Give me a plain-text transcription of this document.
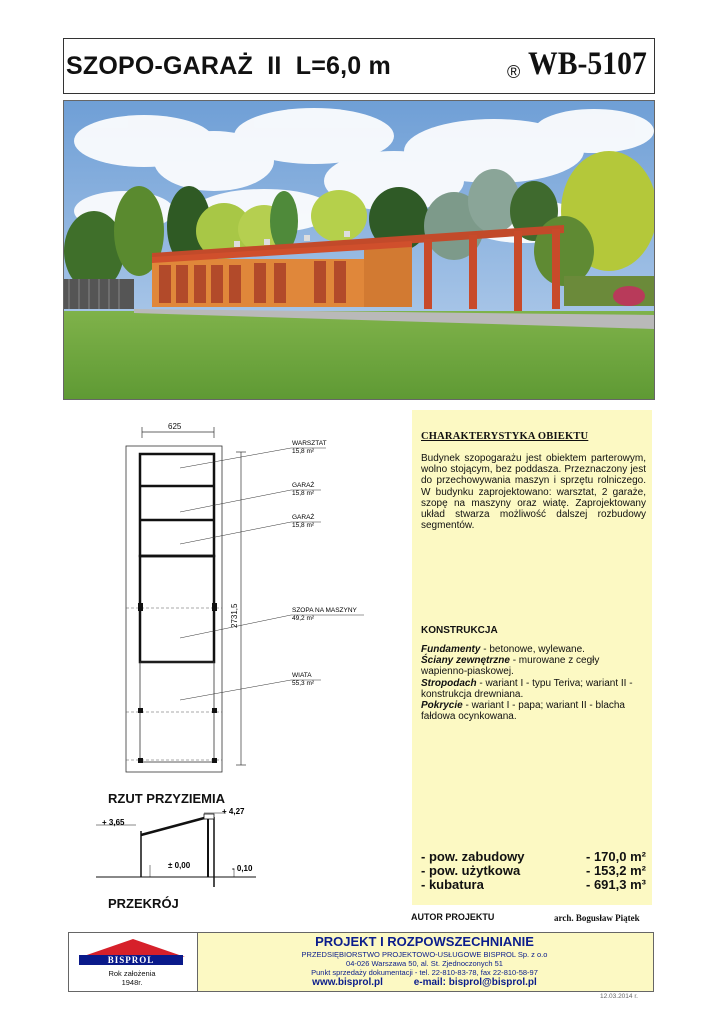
SZOPO-GARAŻ  II  L=6,0 m	® WB-5107
625
2731,5
WARSZTAT
15,8 m²
GARAŻ
15,8 m²
GARAŻ
15,8 m²
SZOPA NA MASZYNY
49,2 m²
WIATA
55,3 m²
RZUT PRZYZIEMIA
+ 4,27
+ 3,65
± 0,00	- 0,10
PRZEKRÓJ
CHARAKTERYSTYKA OBIEKTU
Budynek szopogarażu jest obiektem parterowym, wolno stojącym, bez poddasza. Przeznaczony jest do przechowywania maszyn i sprzętu rolniczego. W budynku zaprojektowano: warsztat, 2 garaże, szopę na maszyny oraz wiatę. Zaprojektowany układ stwarza możliwość dalszej rozbudowy segmentów.
KONSTRUKCJA
Fundamenty - betonowe, wylewane.
Ściany zewnętrzne - murowane z cegły wapienno-piaskowej.
Stropodach - wariant I - typu Teriva; wariant II - konstrukcja drewniana.
Pokrycie - wariant I - papa; wariant II - blacha fałdowa ocynkowana.
- pow. zabudowy	- 170,0 m²
- pow. użytkowa	- 153,2 m²
- kubatura	- 691,3 m³
AUTOR PROJEKTU	arch. Bogusław Piątek
BISPROL
Rok założenia 1948r.
PROJEKT I ROZPOWSZECHNIANIE
PRZEDSIĘBIORSTWO PROJEKTOWO-USŁUGOWE BISPROL Sp. z o.o
04-026 Warszawa 50, al. St. Zjednoczonych 51
Punkt sprzedaży dokumentacji - tel. 22-810-83-78, fax 22-810-58-97
www.bisprol.pl	e-mail: bisprol@bisprol.pl
12.03.2014 r.
